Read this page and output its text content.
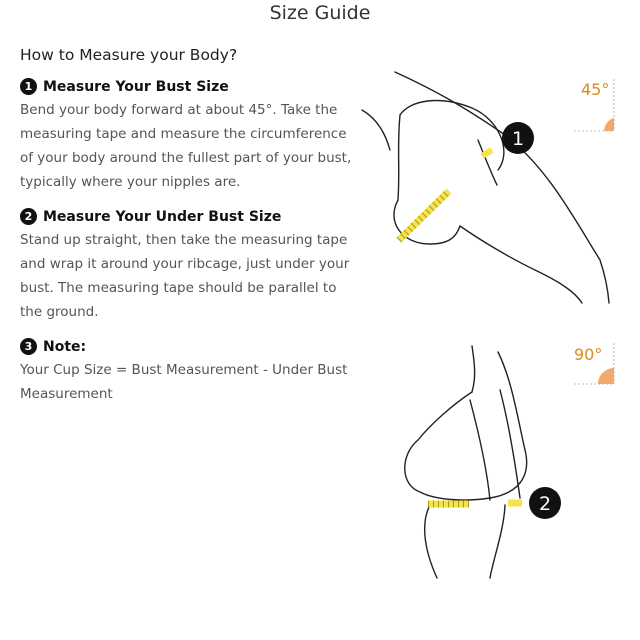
Size Guide
How to Measure your Body?
1 Measure Your Bust Size
Bend your body forward at about 45°. Take the measuring tape and measure the circumference of your body around the fullest part of your bust, typically where your nipples are.
2 Measure Your Under Bust Size
Stand up straight, then take the measuring tape and wrap it around your ribcage, just under your bust. The measuring tape should be parallel to the ground.
3 Note:
Your Cup Size = Bust Measurement - Under Bust Measurement
45°
90°
1
2
